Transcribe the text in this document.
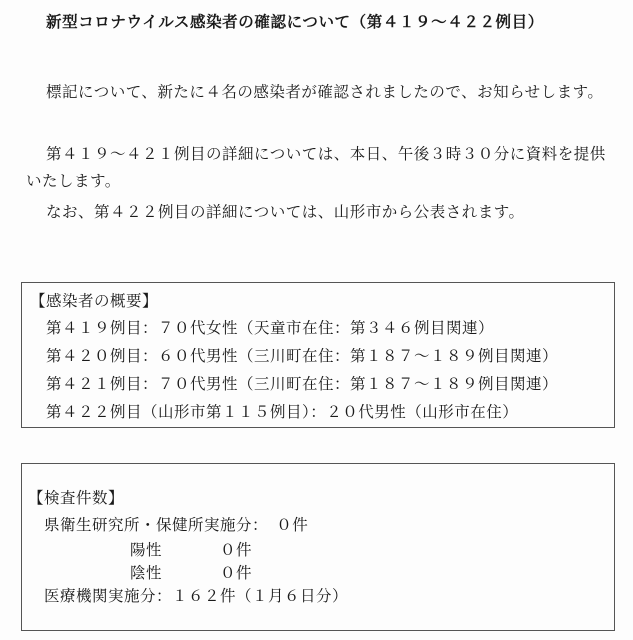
新型コロナウイルス感染者の確認について（第４１９～４２２例目）
標記について、新たに４名の感染者が確認されましたので、お知らせします。
第４１９～４２１例目の詳細については、本日、午後３時３０分に資料を提供いたします。
なお、第４２２例目の詳細については、山形市から公表されます。
【感染者の概要】
第４１９例目：７０代女性（天童市在住：第３４６例目関連）
第４２０例目：６０代男性（三川町在住：第１８７～１８９例目関連）
第４２１例目：７０代男性（三川町在住：第１８７～１８９例目関連）
第４２２例目（山形市第１１５例目）：２０代男性（山形市在住）
【検査件数】
県衛生研究所・保健所実施分：　０件
陽性	０件
陰性	０件
医療機関実施分：１６２件（１月６日分）
